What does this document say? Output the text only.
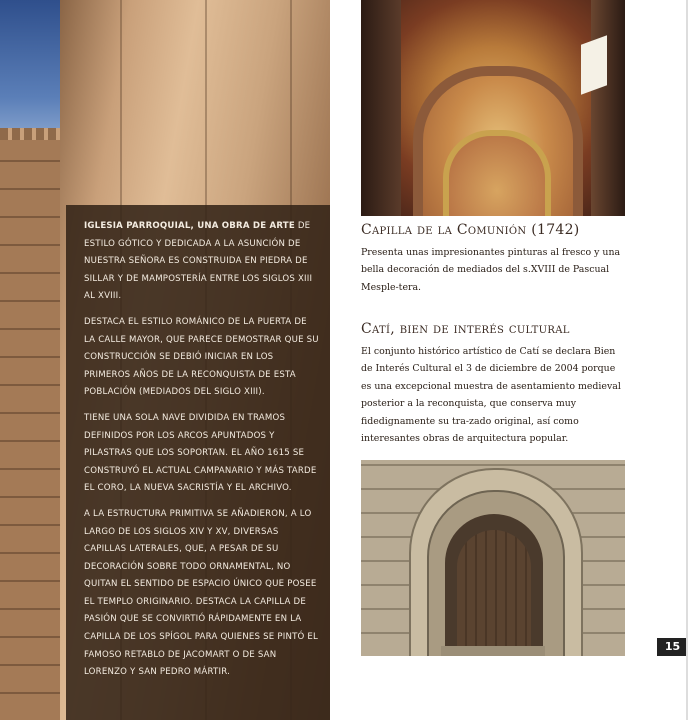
IGLESIA PARROQUIAL, UNA OBRA DE ARTE DE ESTILO GÓTICO Y DEDICADA A LA ASUNCIÓN DE NUESTRA SEÑORA ES CONSTRUIDA EN PIEDRA DE SILLAR Y DE MAMPOSTERÍA ENTRE LOS SIGLOS XIII AL XVIII.

DESTACA EL ESTILO ROMÁNICO DE LA PUERTA DE LA CALLE MAYOR, QUE PARECE DEMOSTRAR QUE SU CONSTRUCCIÓN SE DEBIÓ INICIAR EN LOS PRIMEROS AÑOS DE LA RECONQUISTA DE ESTA POBLACIÓN (MEDIADOS DEL SIGLO XIII).

TIENE UNA SOLA NAVE DIVIDIDA EN TRAMOS DEFINIDOS POR LOS ARCOS APUNTADOS Y PILASTRAS QUE LOS SOPORTAN. EL AÑO 1615 SE CONSTRUYÓ EL ACTUAL CAMPANARIO Y MÁS TARDE EL CORO, LA NUEVA SACRISTÍA Y EL ARCHIVO.

A LA ESTRUCTURA PRIMITIVA SE AÑADIERON, A LO LARGO DE LOS SIGLOS XIV Y XV, DIVERSAS CAPILLAS LATERALES, QUE, A PESAR DE SU DECORACIÓN SOBRE TODO ORNAMENTAL, NO QUITAN EL SENTIDO DE ESPACIO ÚNICO QUE POSEE EL TEMPLO ORIGINARIO. DESTACA LA CAPILLA DE PASIÓN QUE SE CONVIRTIÓ RÁPIDAMENTE EN LA CAPILLA DE LOS SPÍGOL PARA QUIENES SE PINTÓ EL FAMOSO RETABLO DE JACOMART O DE SAN LORENZO Y SAN PEDRO MÁRTIR.

Capilla de la Comunión (1742)

Presenta unas impresionantes pinturas al fresco y una bella decoración de mediados del s.XVIII de Pascual Mesple-tera.

Catí, bien de interés cultural

El conjunto histórico artístico de Catí se declara Bien de Interés Cultural el 3 de diciembre de 2004 porque es una excepcional muestra de asentamiento medieval posterior a la reconquista, que conserva muy fidedignamente su tra-zado original, así como interesantes obras de arquitectura popular.

15
